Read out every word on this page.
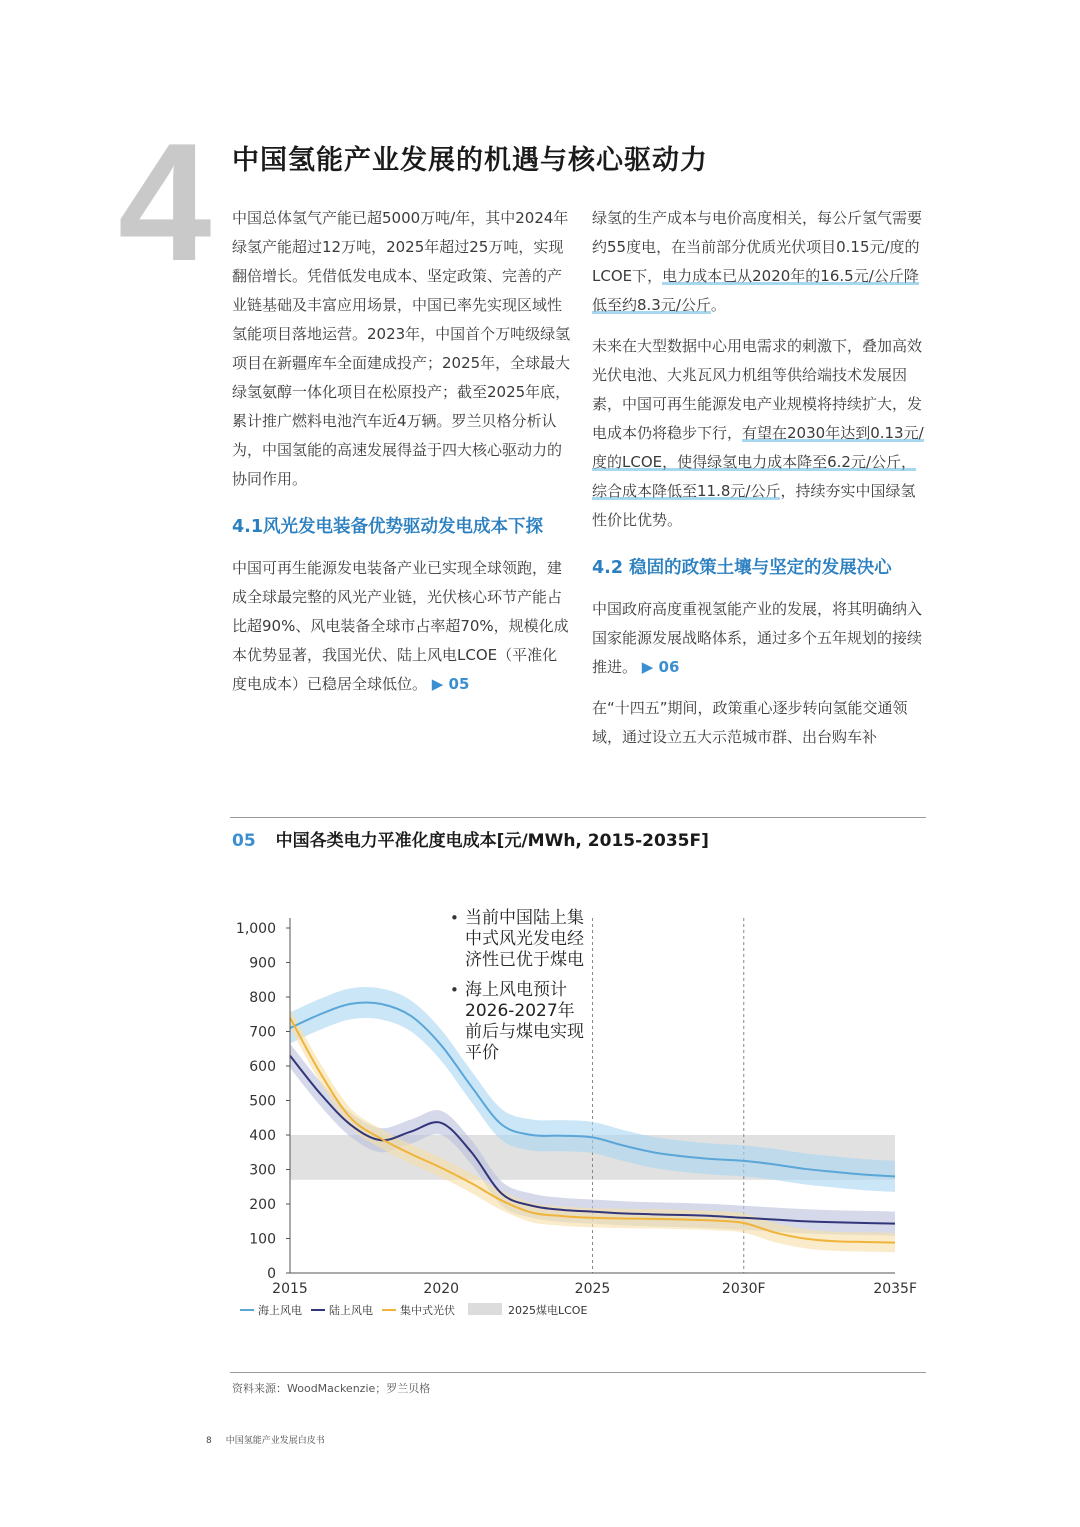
4 中国氢能产业发展的机遇与核心驱动力

中国总体氢气产能已超5000万吨/年，其中2024年绿氢产能超过12万吨，2025年超过25万吨，实现翻倍增长。凭借低发电成本、坚定政策、完善的产业链基础及丰富应用场景，中国已率先实现区域性氢能项目落地运营。2023年，中国首个万吨级绿氢项目在新疆库车全面建成投产；2025年，全球最大绿氢氨醇一体化项目在松原投产；截至2025年底，累计推广燃料电池汽车近4万辆。罗兰贝格分析认为，中国氢能的高速发展得益于四大核心驱动力的协同作用。

4.1风光发电装备优势驱动发电成本下探

中国可再生能源发电装备产业已实现全球领跑，建成全球最完整的风光产业链，光伏核心环节产能占比超90%、风电装备全球市占率超70%，规模化成本优势显著，我国光伏、陆上风电LCOE（平准化度电成本）已稳居全球低位。 ▶ 05

绿氢的生产成本与电价高度相关，每公斤氢气需要约55度电，在当前部分优质光伏项目0.15元/度的LCOE下，电力成本已从2020年的16.5元/公斤降低至约8.3元/公斤。

未来在大型数据中心用电需求的刺激下，叠加高效光伏电池、大兆瓦风力机组等供给端技术发展因素，中国可再生能源发电产业规模将持续扩大，发电成本仍将稳步下行，有望在2030年达到0.13元/度的LCOE，使得绿氢电力成本降至6.2元/公斤，综合成本降低至11.8元/公斤，持续夯实中国绿氢性价比优势。

4.2 稳固的政策土壤与坚定的发展决心

中国政府高度重视氢能产业的发展，将其明确纳入国家能源发展战略体系，通过多个五年规划的接续推进。 ▶ 06

在“十四五”期间，政策重心逐步转向氢能交通领域，通过设立五大示范城市群、出台购车补

05 中国各类电力平准化度电成本[元/MWh, 2015-2035F]
0
100
200
300
400
500
600
700
800
900
1,000
2015	2020	2025	2030F	2035F
• 当前中国陆上集
中式风光发电经
济性已优于煤电
• 海上风电预计
2026-2027年
前后与煤电实现
平价
海上风电 陆上风电 集中式光伏	2025煤电LCOE
资料来源：WoodMackenzie；罗兰贝格
8 中国氢能产业发展白皮书
